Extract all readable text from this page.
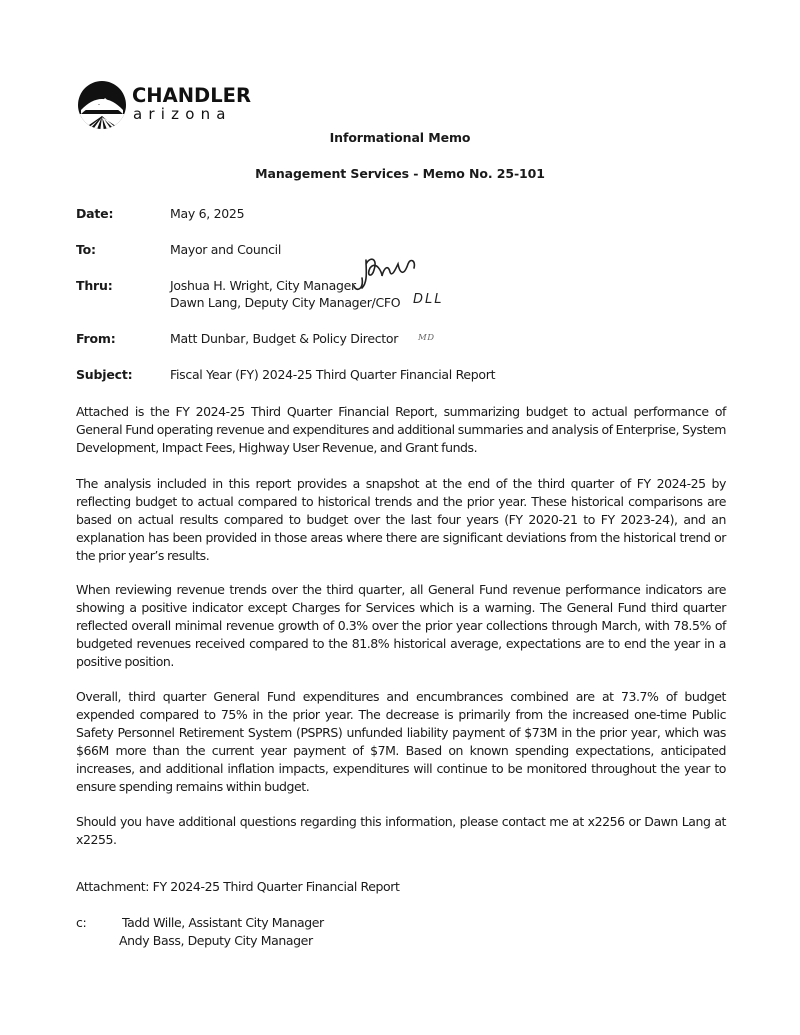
CHANDLER
arizona
Informational Memo
Management Services - Memo No. 25-101
Date:	May 6, 2025
To:	Mayor and Council
Thru:	Joshua H. Wright, City Manager
Dawn Lang, Deputy City Manager/CFO DLL
From:	Matt Dunbar, Budget & Policy Director MD
Subject:	Fiscal Year (FY) 2024-25 Third Quarter Financial Report

Attached is the FY 2024-25 Third Quarter Financial Report, summarizing budget to actual performance of General Fund operating revenue and expenditures and additional summaries and analysis of Enterprise, System Development, Impact Fees, Highway User Revenue, and Grant funds.

The analysis included in this report provides a snapshot at the end of the third quarter of FY 2024-25 by reflecting budget to actual compared to historical trends and the prior year. These historical comparisons are based on actual results compared to budget over the last four years (FY 2020-21 to FY 2023-24), and an explanation has been provided in those areas where there are significant deviations from the historical trend or the prior year’s results.

When reviewing revenue trends over the third quarter, all General Fund revenue performance indicators are showing a positive indicator except Charges for Services which is a warning. The General Fund third quarter reflected overall minimal revenue growth of 0.3% over the prior year collections through March, with 78.5% of budgeted revenues received compared to the 81.8% historical average, expectations are to end the year in a positive position.

Overall, third quarter General Fund expenditures and encumbrances combined are at 73.7% of budget expended compared to 75% in the prior year. The decrease is primarily from the increased one-time Public Safety Personnel Retirement System (PSPRS) unfunded liability payment of $73M in the prior year, which was $66M more than the current year payment of $7M. Based on known spending expectations, anticipated increases, and additional inflation impacts, expenditures will continue to be monitored throughout the year to ensure spending remains within budget.

Should you have additional questions regarding this information, please contact me at x2256 or Dawn Lang at x2255.

Attachment: FY 2024-25 Third Quarter Financial Report
c:	Tadd Wille, Assistant City Manager
Andy Bass, Deputy City Manager
